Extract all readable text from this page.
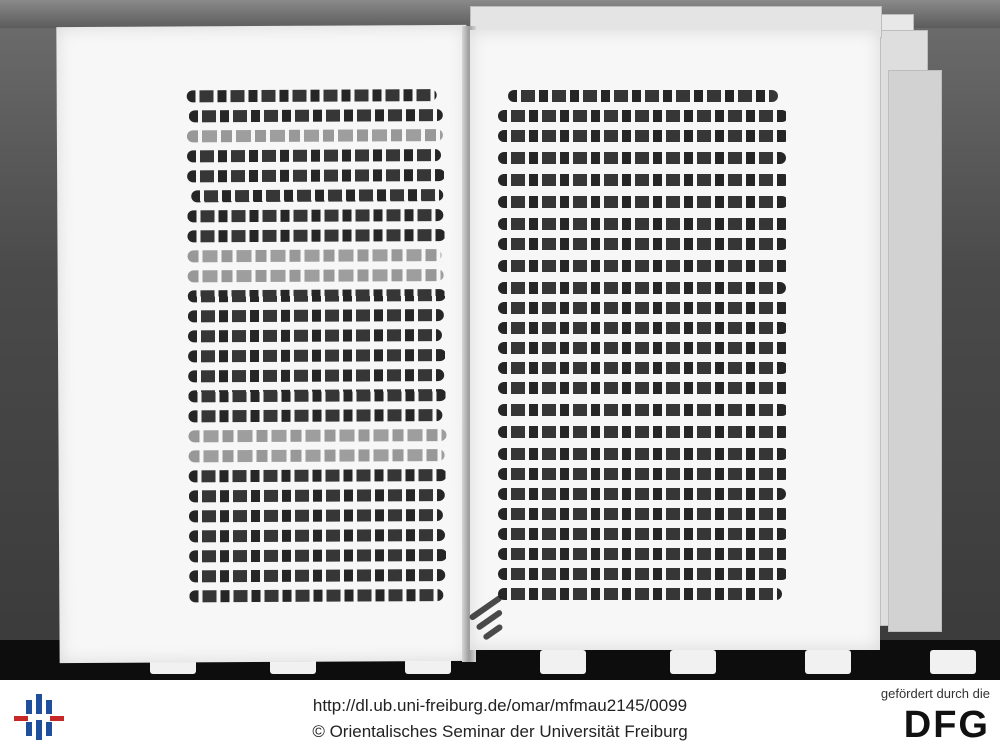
http://dl.ub.uni-freiburg.de/omar/mfmau2145/0099
© Orientalisches Seminar der Universität Freiburg
gefördert durch die
DFG
